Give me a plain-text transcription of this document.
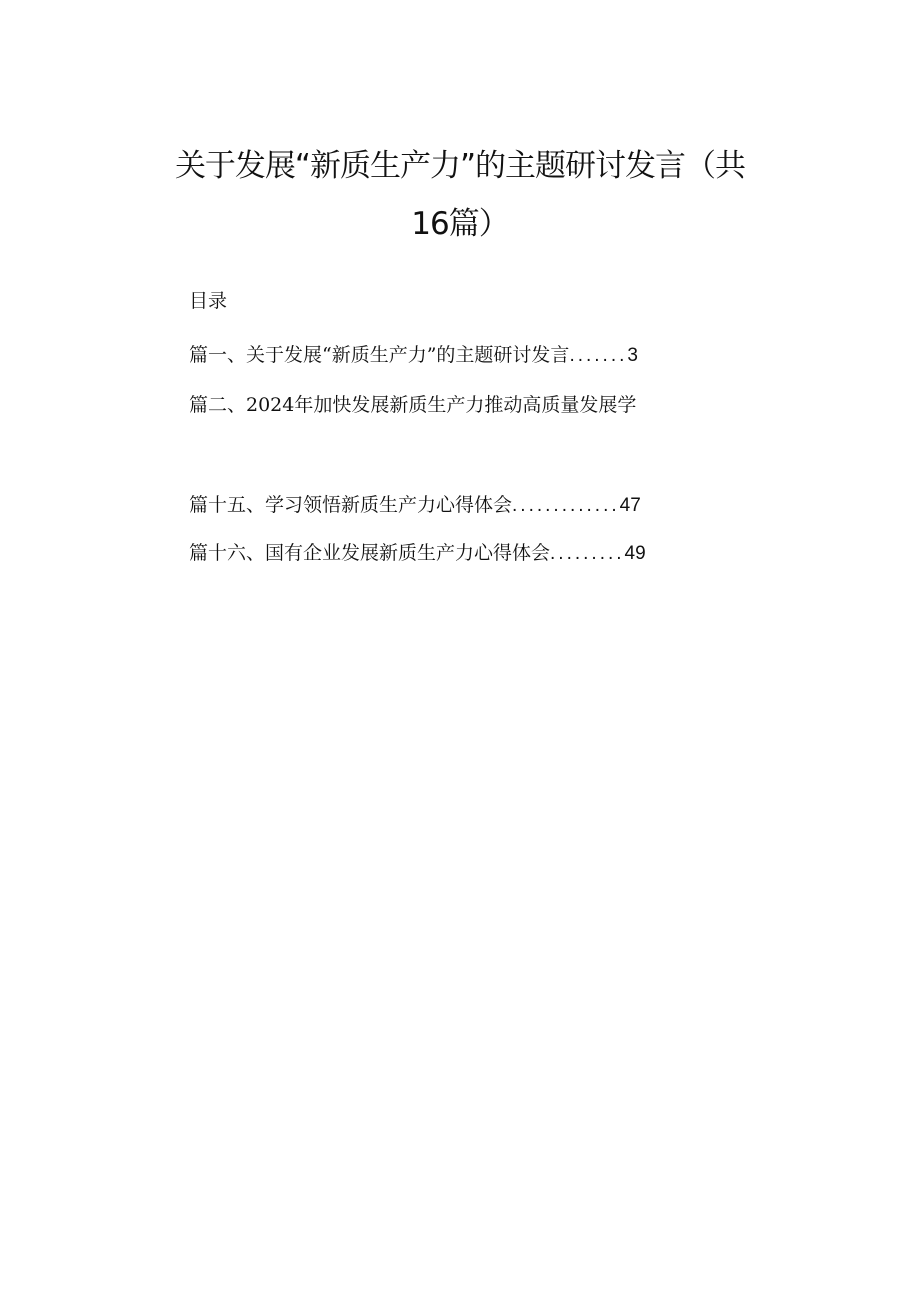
关于发展“新质生产力”的主题研讨发言（共
16篇）
目录
篇一、关于发展“新质生产力”的主题研讨发言 ....... 3
篇二、2024年加快发展新质生产力推动高质量发展学
篇十五、学习领悟新质生产力心得体会 ............. 47
篇十六、国有企业发展新质生产力心得体会 ......... 49
